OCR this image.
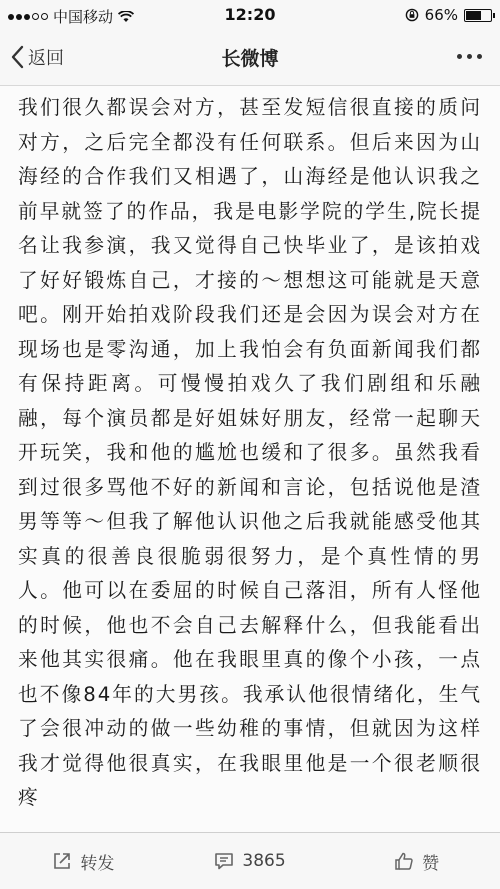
中国移动	12:20	66%
返回	长微博

我们很久都误会对方，甚至发短信很直接的质问对方，之后完全都没有任何联系。但后来因为山海经的合作我们又相遇了，山海经是他认识我之前早就签了的作品，我是电影学院的学生,院长提名让我参演，我又觉得自己快毕业了，是该拍戏了好好锻炼自己，才接的～想想这可能就是天意吧。刚开始拍戏阶段我们还是会因为误会对方在现场也是零沟通，加上我怕会有负面新闻我们都有保持距离。可慢慢拍戏久了我们剧组和乐融融，每个演员都是好姐妹好朋友，经常一起聊天开玩笑，我和他的尴尬也缓和了很多。虽然我看到过很多骂他不好的新闻和言论，包括说他是渣男等等～但我了解他认识他之后我就能感受他其实真的很善良很脆弱很努力，是个真性情的男人。他可以在委屈的时候自己落泪，所有人怪他的时候，他也不会自己去解释什么，但我能看出来他其实很痛。他在我眼里真的像个小孩，一点也不像84年的大男孩。我承认他很情绪化，生气了会很冲动的做一些幼稚的事情，但就因为这样我才觉得他很真实，在我眼里他是一个很老顺很疼

转发	3865	赞
